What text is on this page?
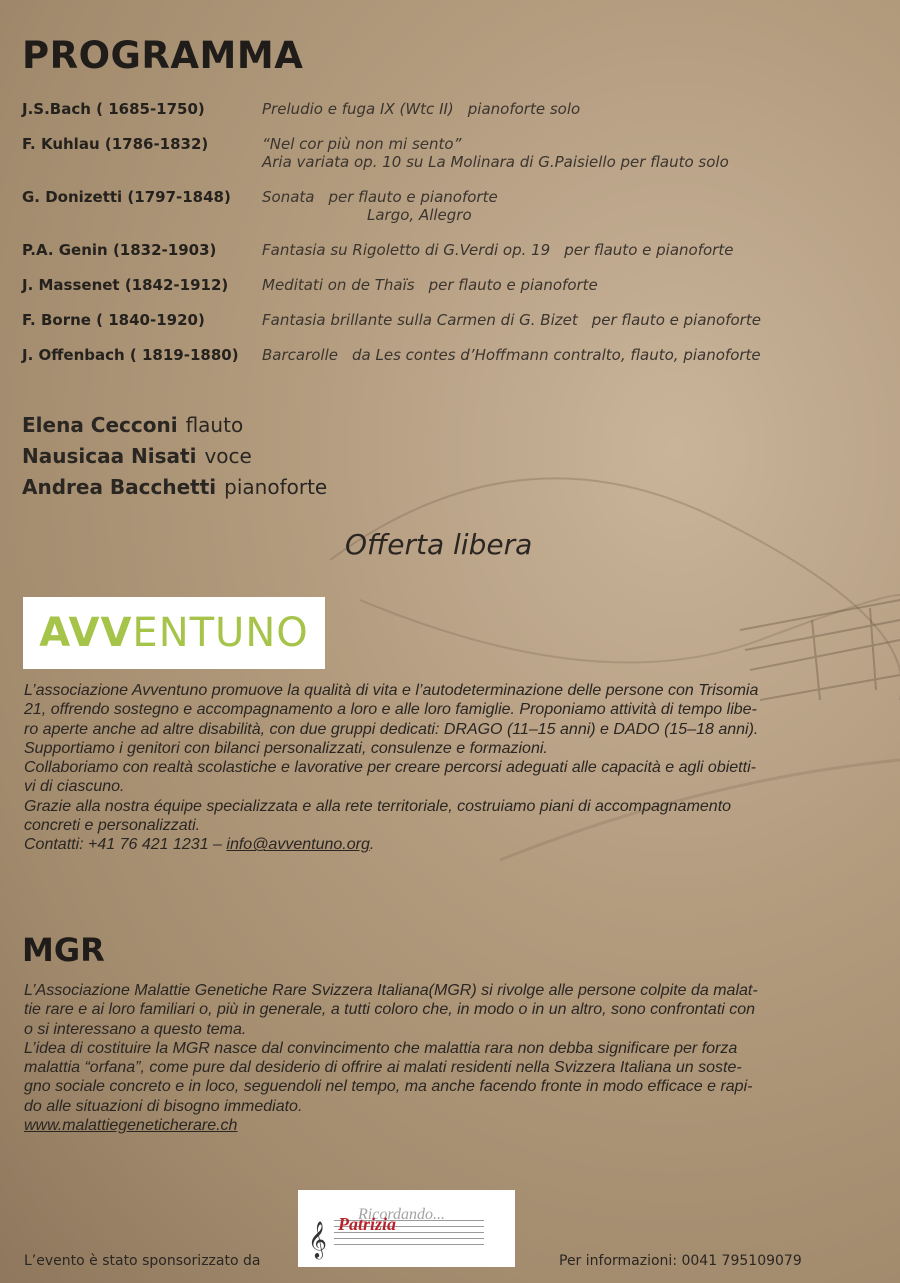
PROGRAMMA
J.S.Bach ( 1685-1750)	Preludio e fuga IX (Wtc II) pianoforte solo
F. Kuhlau (1786-1832)	“Nel cor più non mi sento”
Aria variata op. 10 su La Molinara di G.Paisiello per flauto solo
G. Donizetti (1797-1848)	Sonata per flauto e pianoforte
Largo, Allegro
P.A. Genin (1832-1903)	Fantasia su Rigoletto di G.Verdi op. 19 per flauto e pianoforte
J. Massenet (1842-1912)	Meditati on de Thaïs per flauto e pianoforte
F. Borne ( 1840-1920)	Fantasia brillante sulla Carmen di G. Bizet per flauto e pianoforte
J. Offenbach ( 1819-1880)	Barcarolle da Les contes d’Hoffmann contralto, flauto, pianoforte
Elena Cecconi flauto
Nausicaa Nisati voce
Andrea Bacchetti pianoforte
Offerta libera
AVVENTUNO
L’associazione Avventuno promuove la qualità di vita e l’autodeterminazione delle persone con Trisomia
21, offrendo sostegno e accompagnamento a loro e alle loro famiglie. Proponiamo attività di tempo libe-
ro aperte anche ad altre disabilità, con due gruppi dedicati: DRAGO (11–15 anni) e DADO (15–18 anni).
Supportiamo i genitori con bilanci personalizzati, consulenze e formazioni.
Collaboriamo con realtà scolastiche e lavorative per creare percorsi adeguati alle capacità e agli obietti-
vi di ciascuno.
Grazie alla nostra équipe specializzata e alla rete territoriale, costruiamo piani di accompagnamento
concreti e personalizzati.
Contatti: +41 76 421 1231 – info@avventuno.org.
MGR
L’Associazione Malattie Genetiche Rare Svizzera Italiana(MGR) si rivolge alle persone colpite da malat-
tie rare e ai loro familiari o, più in generale, a tutti coloro che, in modo o in un altro, sono confrontati con
o si interessano a questo tema.
L’idea di costituire la MGR nasce dal convincimento che malattia rara non debba significare per forza
malattia “orfana”, come pure dal desiderio di offrire ai malati residenti nella Svizzera Italiana un soste-
gno sociale concreto e in loco, seguendoli nel tempo, ma anche facendo fronte in modo efficace e rapi-
do alle situazioni di bisogno immediato.
www.malattiegeneticherare.ch
L’evento è stato sponsorizzato da
𝄞
Ricordando...
Patrizia
Per informazioni: 0041 795109079
